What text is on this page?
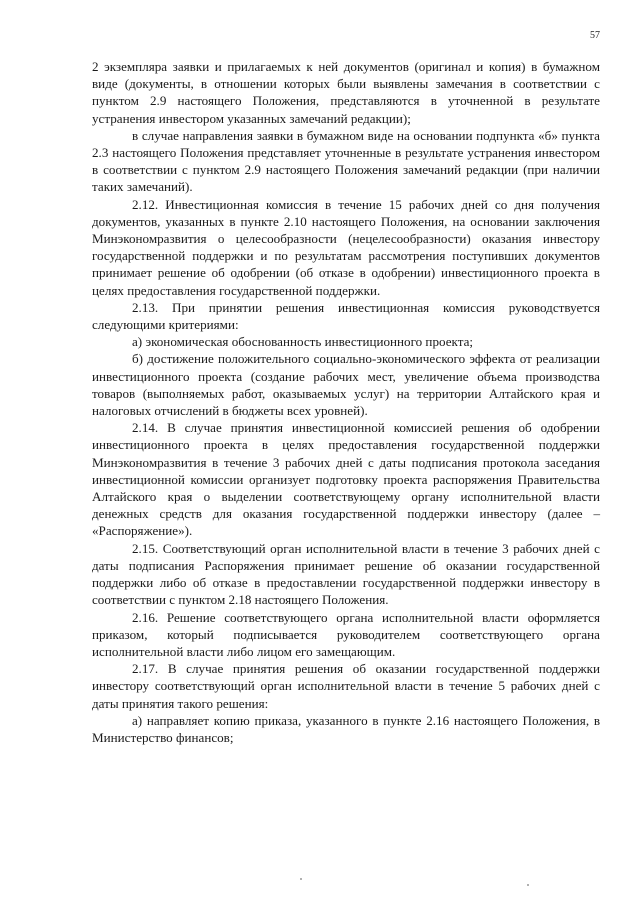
57

2 экземпляра заявки и прилагаемых к ней документов (оригинал и копия) в бумажном виде (документы, в отношении которых были выявлены замечания в соответствии с пунктом 2.9 настоящего Положения, представляются в уточненной в результате устранения инвестором указанных замечаний редакции);

в случае направления заявки в бумажном виде на основании подпункта «б» пункта 2.3 настоящего Положения представляет уточненные в результате устранения инвестором в соответствии с пунктом 2.9 настоящего Положения замечаний редакции (при наличии таких замечаний).

2.12. Инвестиционная комиссия в течение 15 рабочих дней со дня получения документов, указанных в пункте 2.10 настоящего Положения, на основании заключения Минэкономразвития о целесообразности (нецелесообразности) оказания инвестору государственной поддержки и по результатам рассмотрения поступивших документов принимает решение об одобрении (об отказе в одобрении) инвестиционного проекта в целях предоставления государственной поддержки.

2.13. При принятии решения инвестиционная комиссия руководствуется следующими критериями:

а) экономическая обоснованность инвестиционного проекта;

б) достижение положительного социально-экономического эффекта от реализации инвестиционного проекта (создание рабочих мест, увеличение объема производства товаров (выполняемых работ, оказываемых услуг) на территории Алтайского края и налоговых отчислений в бюджеты всех уровней).

2.14. В случае принятия инвестиционной комиссией решения об одобрении инвестиционного проекта в целях предоставления государственной поддержки Минэкономразвития в течение 3 рабочих дней с даты подписания протокола заседания инвестиционной комиссии организует подготовку проекта распоряжения Правительства Алтайского края о выделении соответствующему органу исполнительной власти денежных средств для оказания государственной поддержки инвестору (далее – «Распоряжение»).

2.15. Соответствующий орган исполнительной власти в течение 3 рабочих дней с даты подписания Распоряжения принимает решение об оказании государственной поддержки либо об отказе в предоставлении государственной поддержки инвестору в соответствии с пунктом 2.18 настоящего Положения.

2.16. Решение соответствующего органа исполнительной власти оформляется приказом, который подписывается руководителем соответствующего органа исполнительной власти либо лицом его замещающим.

2.17. В случае принятия решения об оказании государственной поддержки инвестору соответствующий орган исполнительной власти в течение 5 рабочих дней с даты принятия такого решения:

а) направляет копию приказа, указанного в пункте 2.16 настоящего Положения, в Министерство финансов;
